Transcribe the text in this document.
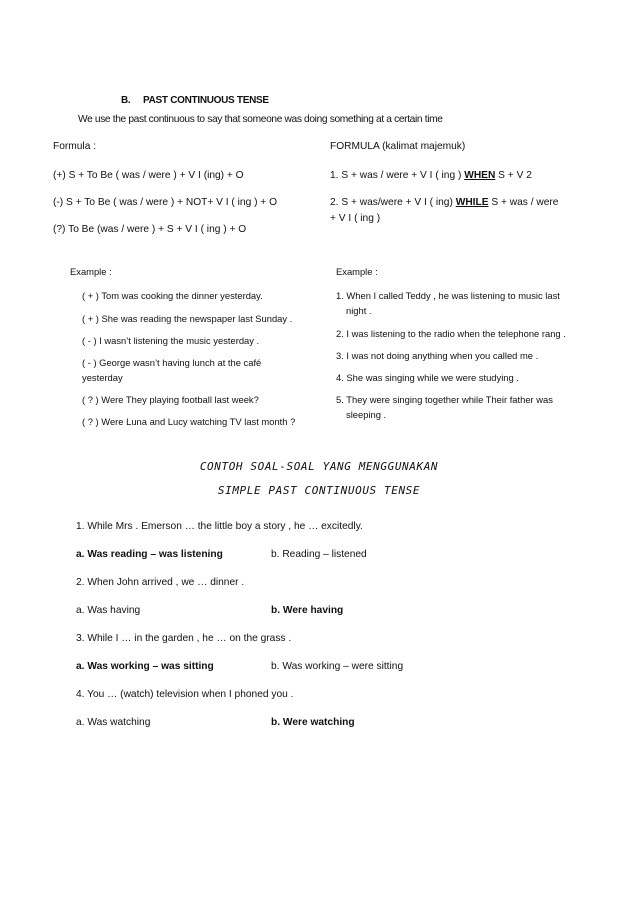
B. PAST CONTINUOUS TENSE
We use the past continuous to say that someone was doing something at a certain time
Formula :
(+) S + To Be ( was / were ) + V I (ing) + O
(-) S + To Be ( was / were ) + NOT+ V I ( ing ) + O
(?) To Be (was / were ) + S + V I ( ing ) + O
FORMULA (kalimat majemuk)
1. S + was / were + V I ( ing ) WHEN S + V 2
2. S + was/were + V I ( ing) WHILE S + was / were
+ V I ( ing )
Example :
( + ) Tom was cooking the dinner yesterday.
( + ) She was reading the newspaper last Sunday .
( - ) I wasn’t listening the music yesterday .
( - ) George wasn’t having lunch at the café
yesterday
( ? ) Were They playing football last week?
( ? ) Were Luna and Lucy watching TV last month ?
Example :
1. When I called Teddy , he was listening to music last
night .
2. I was listening to the radio when the telephone rang .
3. I was not doing anything when you called me .
4. She was singing while we were studying .
5. They were singing together while Their father was
sleeping .
CONTOH SOAL-SOAL YANG MENGGUNAKAN
SIMPLE PAST CONTINUOUS TENSE
1. While Mrs . Emerson … the little boy a story , he … excitedly.
a. Was reading – was listening	b. Reading – listened
2. When John arrived , we … dinner .
a. Was having	b. Were having
3. While I … in the garden , he … on the grass .
a. Was working – was sitting	b. Was working – were sitting
4. You … (watch) television when I phoned you .
a. Was watching	b. Were watching
